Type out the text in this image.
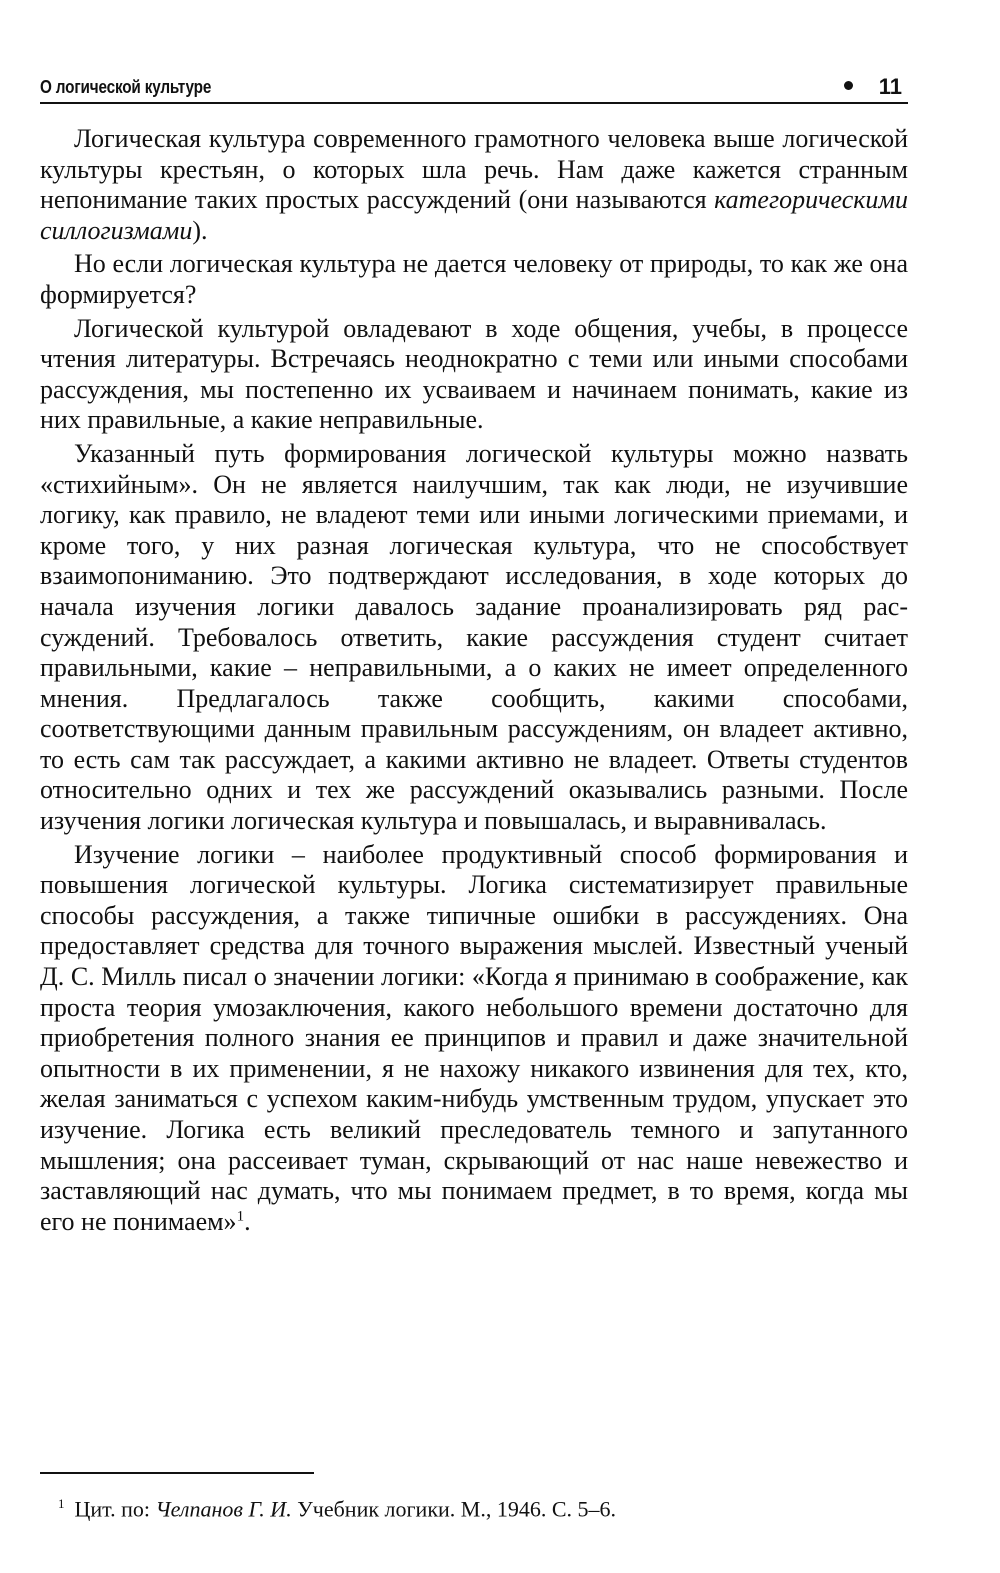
О логической культуре	11

Логическая культура современного грамотного человека выше логической культуры крестьян, о которых шла речь. Нам даже кажется странным непонимание таких простых рассуждений (они называются категорическими силлогизмами).

Но если логическая культура не дается человеку от природы, то как же она формируется?

Логической культурой овладевают в ходе общения, учебы, в процессе чтения литературы. Встречаясь неоднократно с теми или иными способами рассуждения, мы постепенно их усваиваем и начинаем понимать, какие из них правильные, а какие неправильные.

Указанный путь формирования логической культуры можно назвать «стихийным». Он не является наилучшим, так как люди, не изучившие логику, как правило, не владеют теми или иными логическими приемами, и кроме того, у них разная логическая культура, что не способствует взаимопониманию. Это подтверждают исследования, в ходе которых до начала изучения логики давалось задание проанализировать ряд рассуждений. Требовалось ответить, какие рассуждения студент считает правильными, какие – неправильными, а о каких не имеет определенного мнения. Предлагалось также сообщить, какими способами, соответствующими данным правильным рассуждениям, он владеет активно, то есть сам так рассуждает, а какими активно не владеет. Ответы студентов относительно одних и тех же рассуждений оказывались разными. После изучения логики логическая культура и повышалась, и выравнивалась.

Изучение логики – наиболее продуктивный способ формирования и повышения логической культуры. Логика систематизирует правильные способы рассуждения, а также типичные ошибки в рассуждениях. Она предоставляет средства для точного выражения мыслей. Известный ученый Д. С. Милль писал о значении логики: «Когда я принимаю в соображение, как проста теория умозаключения, какого небольшого времени достаточно для приобретения полного знания ее принципов и правил и даже значительной опытности в их применении, я не нахожу никакого извинения для тех, кто, желая заниматься с успехом каким-нибудь умственным трудом, упускает это изучение. Логика есть великий преследователь темного и запутанного мышления; она рассеивает туман, скрывающий от нас наше невежество и заставляющий нас думать, что мы понимаем предмет, в то время, когда мы его не понимаем»$^1$.

$^1$ Цит. по: Челпанов Г. И. Учебник логики. М., 1946. С. 5–6.
